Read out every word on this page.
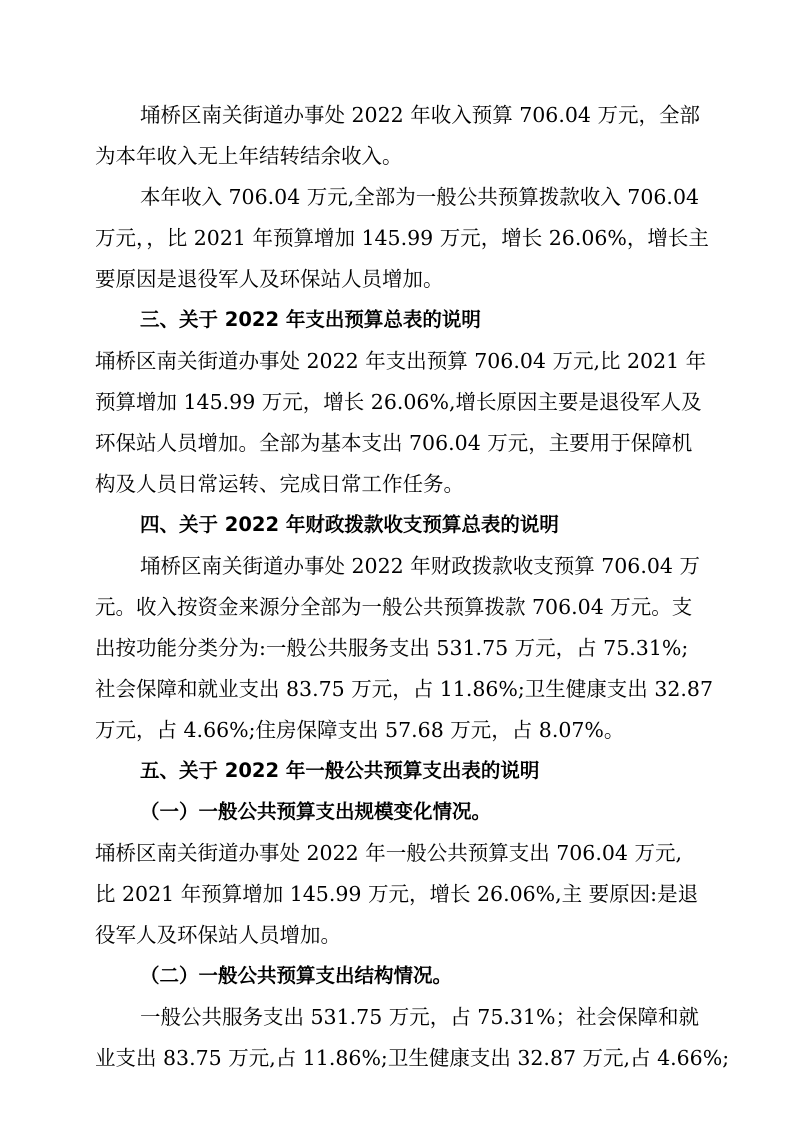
埇桥区南关街道办事处 2022 年收入预算 706.04 万元，全部
为本年收入无上年结转结余收入。
本年收入 706.04 万元,全部为一般公共预算拨款收入 706.04
万元，，比 2021 年预算增加 145.99 万元，增长 26.06%，增长主
要原因是退役军人及环保站人员增加。
三、关于 2022 年支出预算总表的说明
埇桥区南关街道办事处 2022 年支出预算 706.04 万元,比 2021 年
预算增加 145.99 万元，增长 26.06%,增长原因主要是退役军人及
环保站人员增加。全部为基本支出 706.04 万元，主要用于保障机
构及人员日常运转、完成日常工作任务。
四、关于 2022 年财政拨款收支预算总表的说明
埇桥区南关街道办事处 2022 年财政拨款收支预算 706.04 万
元。收入按资金来源分全部为一般公共预算拨款 706.04 万元。支
出按功能分类分为:一般公共服务支出 531.75 万元，占 75.31%;
社会保障和就业支出 83.75 万元，占 11.86%;卫生健康支出 32.87
万元，占 4.66%;住房保障支出 57.68 万元，占 8.07%。
五、关于 2022 年一般公共预算支出表的说明
（一）一般公共预算支出规模变化情况。
埇桥区南关街道办事处 2022 年一般公共预算支出 706.04 万元,
比 2021 年预算增加 145.99 万元，增长 26.06%,主 要原因:是退
役军人及环保站人员增加。
（二）一般公共预算支出结构情况。
一般公共服务支出 531.75 万元，占 75.31%；社会保障和就
业支出 83.75 万元,占 11.86%;卫生健康支出 32.87 万元,占 4.66%;
